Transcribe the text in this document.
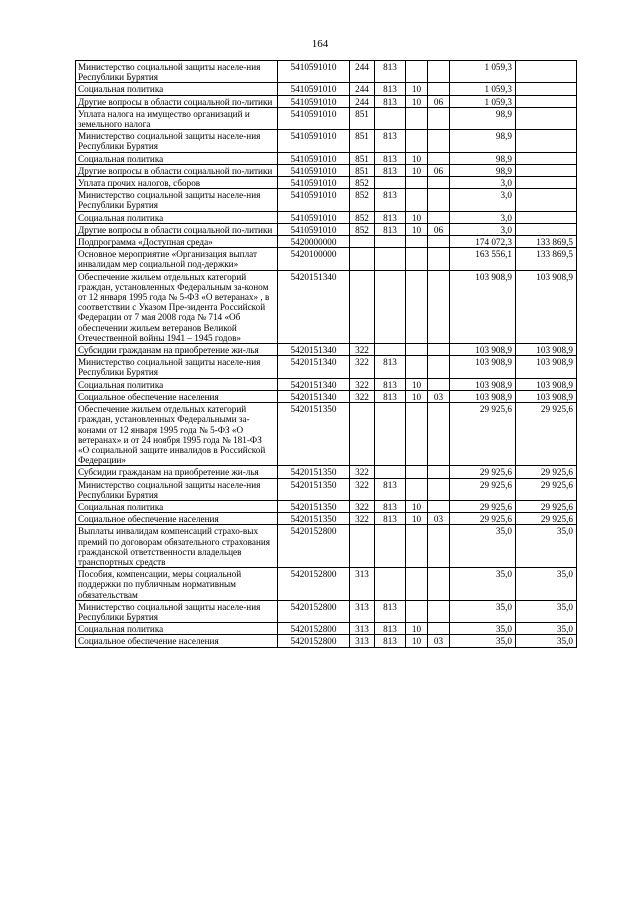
164
Министерство социальной защиты населе-ния Республики Бурятия	5410591010	244	813			1 059,3	
Социальная политика	5410591010	244	813	10		1 059,3	
Другие вопросы в области социальной по-литики	5410591010	244	813	10	06	1 059,3	
Уплата налога на имущество организаций и земельного налога	5410591010	851				98,9	
Министерство социальной защиты населе-ния Республики Бурятия	5410591010	851	813			98,9	
Социальная политика	5410591010	851	813	10		98,9	
Другие вопросы в области социальной по-литики	5410591010	851	813	10	06	98,9	
Уплата прочих налогов, сборов	5410591010	852				3,0	
Министерство социальной защиты населе-ния Республики Бурятия	5410591010	852	813			3,0	
Социальная политика	5410591010	852	813	10		3,0	
Другие вопросы в области социальной по-литики	5410591010	852	813	10	06	3,0	
Подпрограмма «Доступная среда»	5420000000					174 072,3	133 869,5
Основное мероприятие «Организация выплат инвалидам мер социальной под-держки»	5420100000					163 556,1	133 869,5
Обеспечение жильем отдельных категорий граждан, установленных Федеральным за-коном от 12 января 1995 года № 5-ФЗ «О ветеранах» , в соответствии с Указом Пре-зидента Российской Федерации от 7 мая 2008 года № 714 «Об обеспечении жильем ветеранов Великой Отечественной войны 1941 – 1945 годов»	5420151340					103 908,9	103 908,9
Субсидии гражданам на приобретение жи-лья	5420151340	322				103 908,9	103 908,9
Министерство социальной защиты населе-ния Республики Бурятия	5420151340	322	813			103 908,9	103 908,9
Социальная политика	5420151340	322	813	10		103 908,9	103 908,9
Социальное обеспечение населения	5420151340	322	813	10	03	103 908,9	103 908,9
Обеспечение жильем отдельных категорий граждан, установленных Федеральными за-конами от 12 января 1995 года № 5-ФЗ «О ветеранах» и от 24 ноября 1995 года № 181-ФЗ «О социальной защите инвалидов в Российской Федерации»	5420151350					29 925,6	29 925,6
Субсидии гражданам на приобретение жи-лья	5420151350	322				29 925,6	29 925,6
Министерство социальной защиты населе-ния Республики Бурятия	5420151350	322	813			29 925,6	29 925,6
Социальная политика	5420151350	322	813	10		29 925,6	29 925,6
Социальное обеспечение населения	5420151350	322	813	10	03	29 925,6	29 925,6
Выплаты инвалидам компенсаций страхо-вых премий по договорам обязательного страхования гражданской ответственности владельцев транспортных средств	5420152800					35,0	35,0
Пособия, компенсации, меры социальной поддержки по публичным нормативным обязательствам	5420152800	313				35,0	35,0
Министерство социальной защиты населе-ния Республики Бурятия	5420152800	313	813			35,0	35,0
Социальная политика	5420152800	313	813	10		35,0	35,0
Социальное обеспечение населения	5420152800	313	813	10	03	35,0	35,0
